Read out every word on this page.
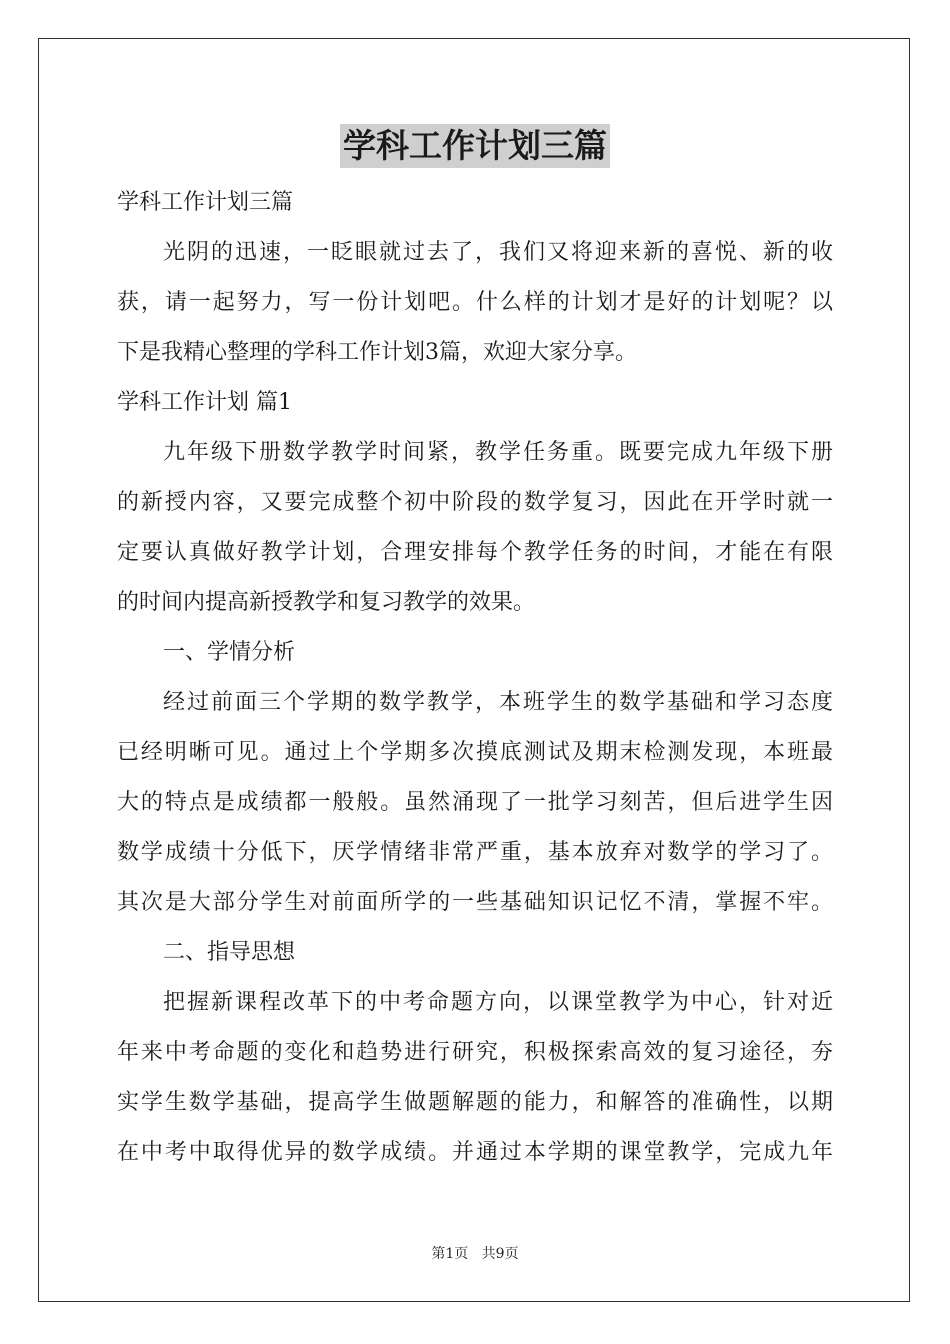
学科工作计划三篇
学科工作计划三篇
光阴的迅速，一眨眼就过去了，我们又将迎来新的喜悦、新的收
获，请一起努力，写一份计划吧。什么样的计划才是好的计划呢？以
下是我精心整理的学科工作计划3篇，欢迎大家分享。
学科工作计划 篇1
九年级下册数学教学时间紧，教学任务重。既要完成九年级下册
的新授内容，又要完成整个初中阶段的数学复习，因此在开学时就一
定要认真做好教学计划，合理安排每个教学任务的时间，才能在有限
的时间内提高新授教学和复习教学的效果。
一、学情分析
经过前面三个学期的数学教学，本班学生的数学基础和学习态度
已经明晰可见。通过上个学期多次摸底测试及期末检测发现，本班最
大的特点是成绩都一般般。虽然涌现了一批学习刻苦，但后进学生因
数学成绩十分低下，厌学情绪非常严重，基本放弃对数学的学习了。
其次是大部分学生对前面所学的一些基础知识记忆不清，掌握不牢。
二、指导思想
把握新课程改革下的中考命题方向，以课堂教学为中心，针对近
年来中考命题的变化和趋势进行研究，积极探索高效的复习途径，夯
实学生数学基础，提高学生做题解题的能力，和解答的准确性，以期
在中考中取得优异的数学成绩。并通过本学期的课堂教学，完成九年
第1页 共9页
